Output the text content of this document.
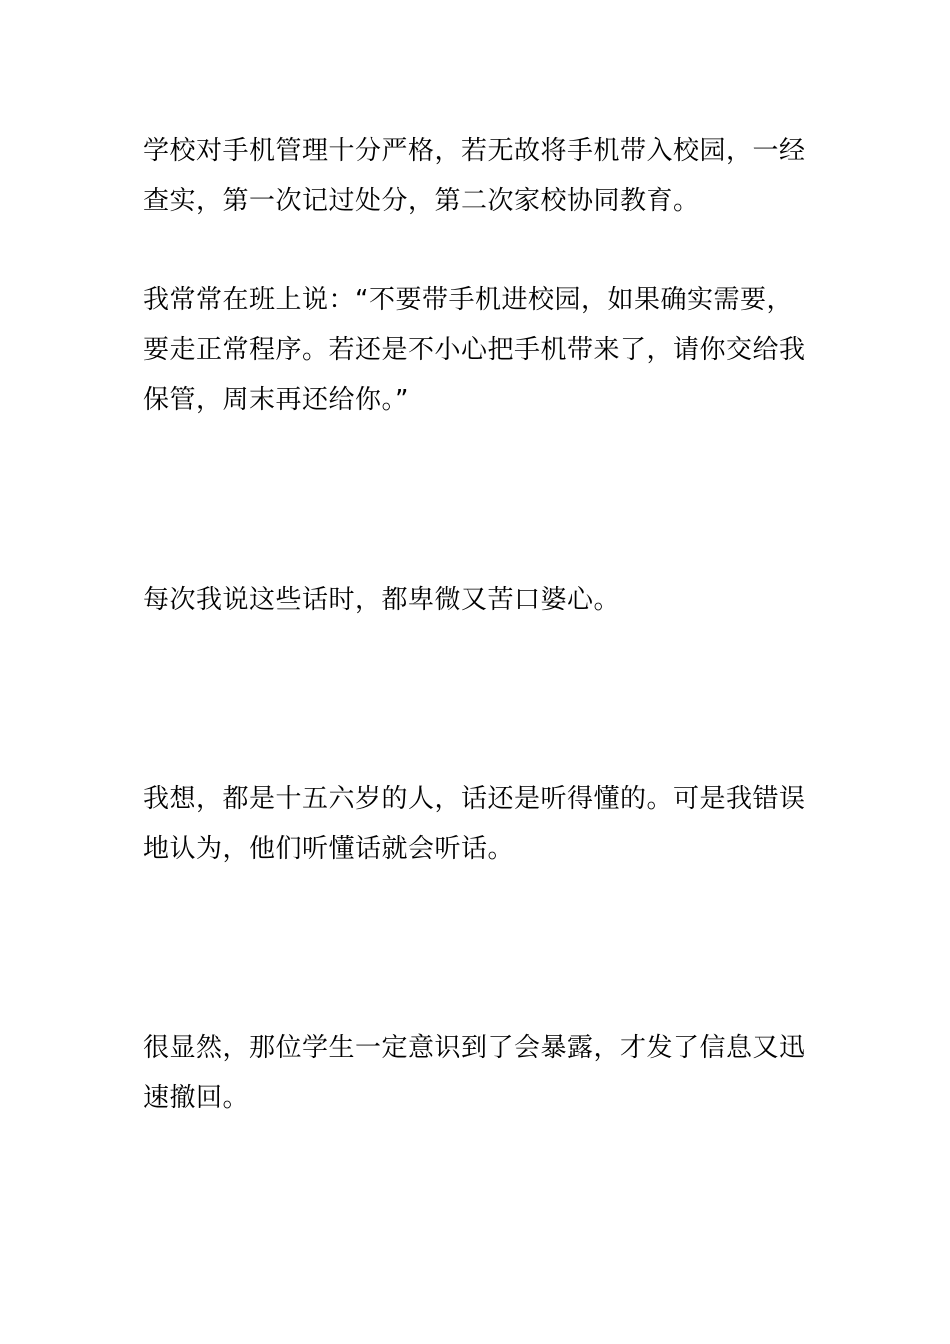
学校对手机管理十分严格，若无故将手机带入校园，一经查实，第一次记过处分，第二次家校协同教育。

我常常在班上说：“不要带手机进校园，如果确实需要，要走正常程序。若还是不小心把手机带来了，请你交给我保管，周末再还给你。”

每次我说这些话时，都卑微又苦口婆心。

我想，都是十五六岁的人，话还是听得懂的。可是我错误地认为，他们听懂话就会听话。

很显然，那位学生一定意识到了会暴露，才发了信息又迅速撤回。
